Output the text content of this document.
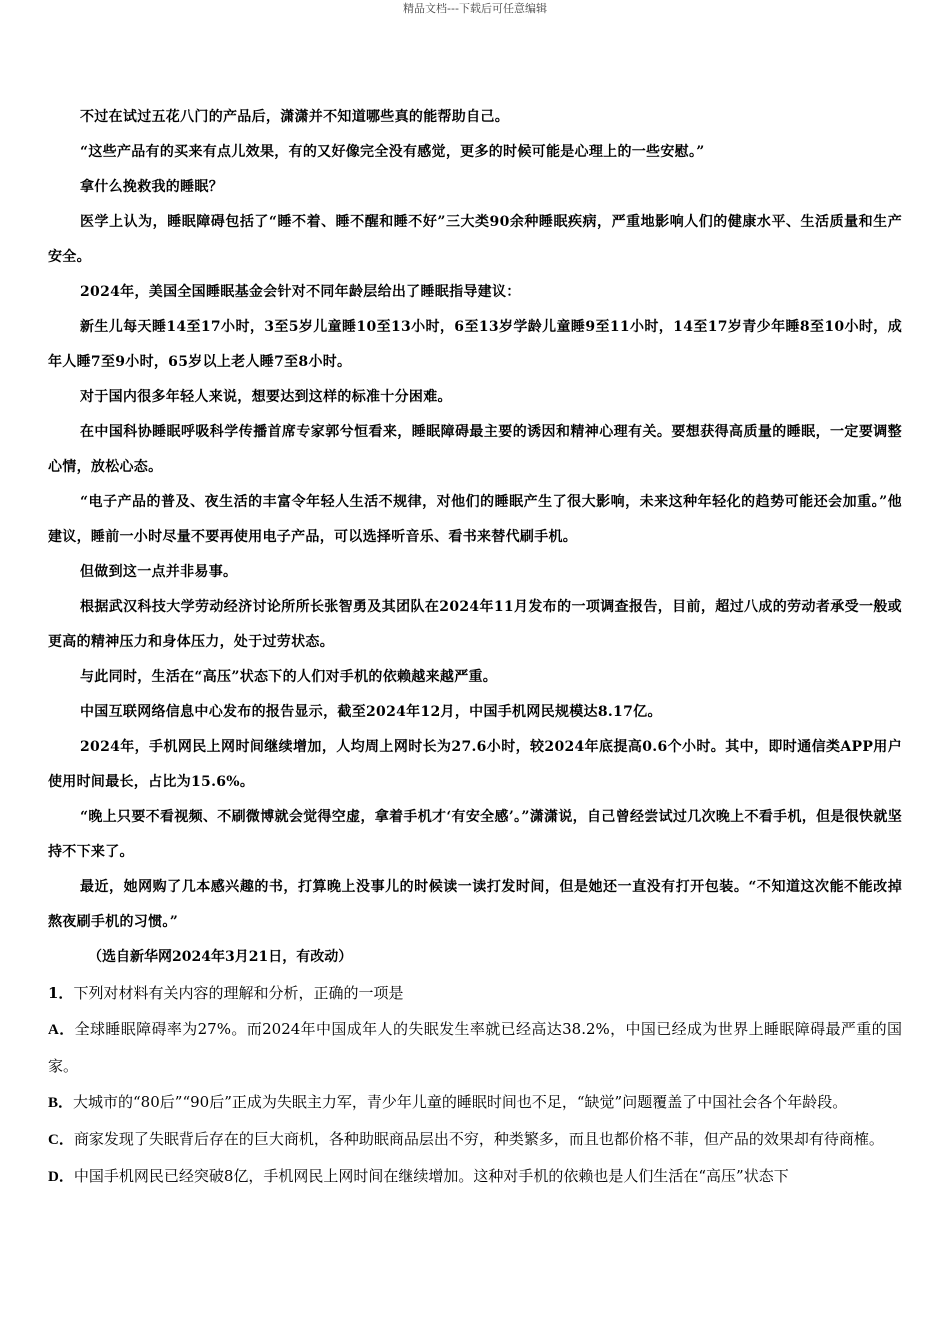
精品文档---下载后可任意编辑

不过在试过五花八门的产品后，潇潇并不知道哪些真的能帮助自己。

“这些产品有的买来有点儿效果，有的又好像完全没有感觉，更多的时候可能是心理上的一些安慰。”

拿什么挽救我的睡眠？

医学上认为，睡眠障碍包括了“睡不着、睡不醒和睡不好”三大类90余种睡眠疾病，严重地影响人们的健康水平、生活质量和生产安全。

2024年，美国全国睡眠基金会针对不同年龄层给出了睡眠指导建议：

新生儿每天睡14至17小时，3至5岁儿童睡10至13小时，6至13岁学龄儿童睡9至11小时，14至17岁青少年睡8至10小时，成年人睡7至9小时，65岁以上老人睡7至8小时。

对于国内很多年轻人来说，想要达到这样的标准十分困难。

在中国科协睡眠呼吸科学传播首席专家郭兮恒看来，睡眠障碍最主要的诱因和精神心理有关。要想获得高质量的睡眠，一定要调整心情，放松心态。

“电子产品的普及、夜生活的丰富令年轻人生活不规律，对他们的睡眠产生了很大影响，未来这种年轻化的趋势可能还会加重。”他建议，睡前一小时尽量不要再使用电子产品，可以选择听音乐、看书来替代刷手机。

但做到这一点并非易事。

根据武汉科技大学劳动经济讨论所所长张智勇及其团队在2024年11月发布的一项调查报告，目前，超过八成的劳动者承受一般或更高的精神压力和身体压力，处于过劳状态。

与此同时，生活在“高压”状态下的人们对手机的依赖越来越严重。

中国互联网络信息中心发布的报告显示，截至2024年12月，中国手机网民规模达8.17亿。

2024年，手机网民上网时间继续增加，人均周上网时长为27.6小时，较2024年底提高0.6个小时。其中，即时通信类APP用户使用时间最长，占比为15.6%。

“晚上只要不看视频、不刷微博就会觉得空虚，拿着手机才‘有安全感’。”潇潇说，自己曾经尝试过几次晚上不看手机，但是很快就坚持不下来了。

最近，她网购了几本感兴趣的书，打算晚上没事儿的时候读一读打发时间，但是她还一直没有打开包装。“不知道这次能不能改掉熬夜刷手机的习惯。”

（选自新华网2024年3月21日，有改动）

1．下列对材料有关内容的理解和分析，正确的一项是

A．全球睡眠障碍率为27%。而2024年中国成年人的失眠发生率就已经高达38.2%，中国已经成为世界上睡眠障碍最严重的国家。

B．大城市的“80后”“90后”正成为失眠主力军，青少年儿童的睡眠时间也不足，“缺觉”问题覆盖了中国社会各个年龄段。

C．商家发现了失眠背后存在的巨大商机，各种助眠商品层出不穷，种类繁多，而且也都价格不菲，但产品的效果却有待商榷。

D．中国手机网民已经突破8亿，手机网民上网时间在继续增加。这种对手机的依赖也是人们生活在“高压”状态下
